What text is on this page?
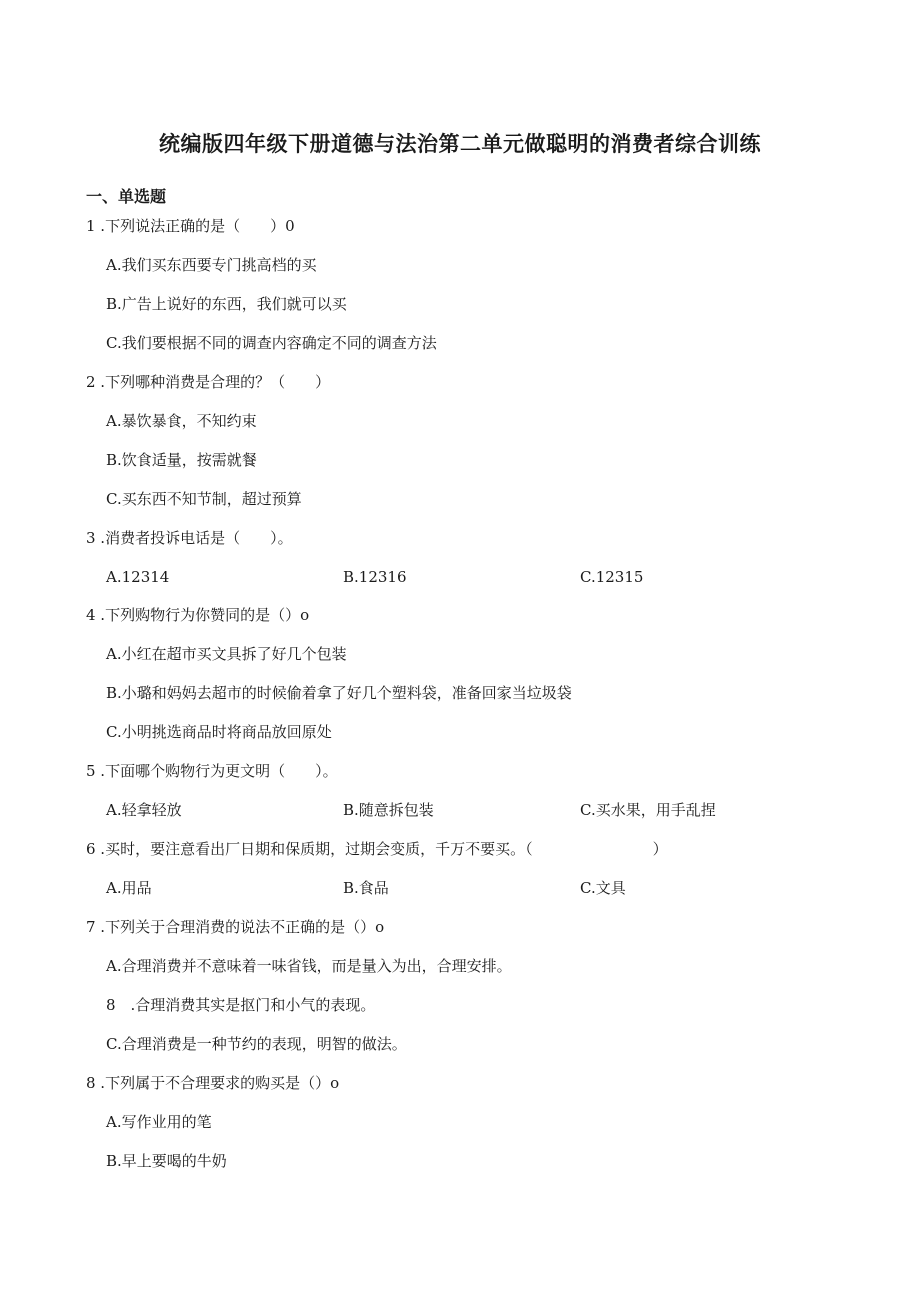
统编版四年级下册道德与法治第二单元做聪明的消费者综合训练
一、单选题
1 .下列说法正确的是（　　）0
A.我们买东西要专门挑高档的买
B.广告上说好的东西，我们就可以买
C.我们要根据不同的调查内容确定不同的调查方法
2 .下列哪种消费是合理的？（　　）
A.暴饮暴食，不知约束
B.饮食适量，按需就餐
C.买东西不知节制，超过预算
3 .消费者投诉电话是（　　）。
A.12314	B.12316	C.12315
4 .下列购物行为你赞同的是（）o
A.小红在超市买文具拆了好几个包装
B.小璐和妈妈去超市的时候偷着拿了好几个塑料袋，准备回家当垃圾袋
C.小明挑选商品时将商品放回原处
5 .下面哪个购物行为更文明（　　）。
A.轻拿轻放	B.随意拆包装	C.买水果，用手乱捏
6 .买时，要注意看出厂日期和保质期，过期会变质，千万不要买。（　　　　　　　　）
A.用品	B.食品	C.文具
7 .下列关于合理消费的说法不正确的是（）o
A.合理消费并不意味着一味省钱，而是量入为出，合理安排。
8　.合理消费其实是抠门和小气的表现。
C.合理消费是一种节约的表现，明智的做法。
8 .下列属于不合理要求的购买是（）o
A.写作业用的笔
B.早上要喝的牛奶
